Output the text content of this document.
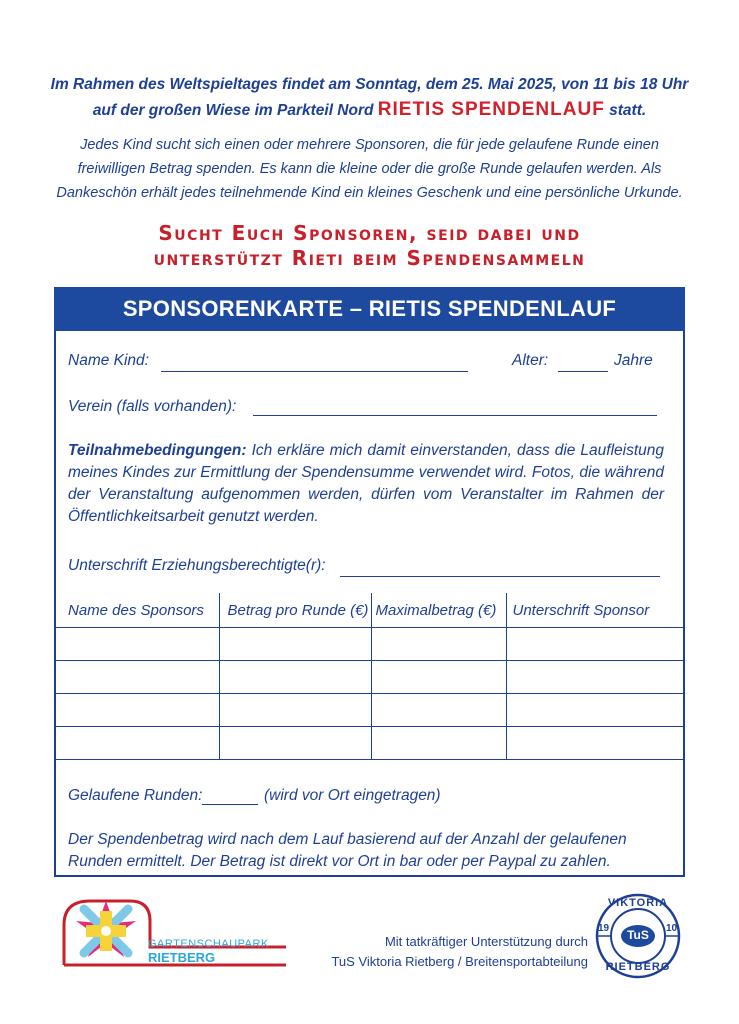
Im Rahmen des Weltspieltages findet am Sonntag, dem 25. Mai 2025, von 11 bis 18 Uhr
auf der großen Wiese im Parkteil Nord RIETIS SPENDENLAUF statt.
Jedes Kind sucht sich einen oder mehrere Sponsoren, die für jede gelaufene Runde einen
freiwilligen Betrag spenden. Es kann die kleine oder die große Runde gelaufen werden. Als
Dankeschön erhält jedes teilnehmende Kind ein kleines Geschenk und eine persönliche Urkunde.
Sucht Euch Sponsoren, seid dabei und
unterstützt Rieti beim Spendensammeln
SPONSORENKARTE – RIETIS SPENDENLAUF
Name Kind:	Alter:	Jahre
Verein (falls vorhanden):
Teilnahmebedingungen: Ich erkläre mich damit einverstanden, dass die Laufleistung meines Kindes zur Ermittlung der Spendensumme verwendet wird. Fotos, die während der Veranstaltung aufgenommen werden, dürfen vom Veranstalter im Rahmen der Öffentlichkeitsarbeit genutzt werden.
Unterschrift Erziehungsberechtigte(r):
Name des Sponsors	Betrag pro Runde (€)	Maximalbetrag (€)	Unterschrift Sponsor

Gelaufene Runden:	(wird vor Ort eingetragen)
Der Spendenbetrag wird nach dem Lauf basierend auf der Anzahl der gelaufenen
Runden ermittelt. Der Betrag ist direkt vor Ort in bar oder per Paypal zu zahlen.
GARTENSCHAUPARK
RIETBERG
Mit tatkräftiger Unterstützung durch
TuS Viktoria Rietberg / Breitensportabteilung
VIKTORIA
RIETBERG
19	10
TuS
